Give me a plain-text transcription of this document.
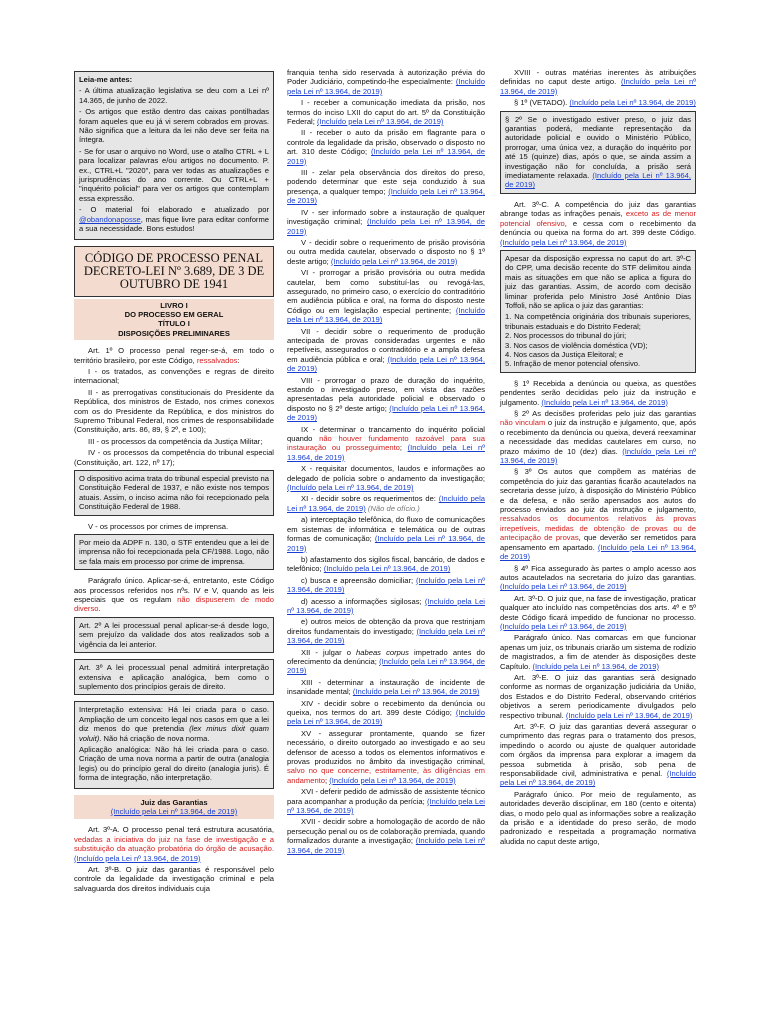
Leia-me antes:

- A última atualização legislativa se deu com a Lei nº 14.365, de junho de 2022.

- Os artigos que estão dentro das caixas pontilhadas foram aqueles que eu já vi serem cobrados em provas. Não significa que a leitura da lei não deve ser feita na íntegra.

- Se for usar o arquivo no Word, use o atalho CTRL + L para localizar palavras e/ou artigos no documento. P. ex., CTRL+L "2020", para ver todas as atualizações e jurisprudências do ano corrente. Ou CTRL+L + "inquérito policial" para ver os artigos que contemplam essa expressão.

- O material foi elaborado e atualizado por @obandonaposse, mas fique livre para editar conforme a sua necessidade. Bons estudos!

CÓDIGO DE PROCESSO PENAL DECRETO-LEI Nº 3.689, DE 3 DE OUTUBRO DE 1941
LIVRO I
DO PROCESSO EM GERAL
TÍTULO I
DISPOSIÇÕES PRELIMINARES

Art. 1º O processo penal reger-se-á, em todo o território brasileiro, por este Código, ressalvados:

I - os tratados, as convenções e regras de direito internacional;

II - as prerrogativas constitucionais do Presidente da República, dos ministros de Estado, nos crimes conexos com os do Presidente da República, e dos ministros do Supremo Tribunal Federal, nos crimes de responsabilidade (Constituição, arts. 86, 89, § 2º, e 100);

III - os processos da competência da Justiça Militar;

IV - os processos da competência do tribunal especial (Constituição, art. 122, nº 17);

O dispositivo acima trata do tribunal especial previsto na Constituição Federal de 1937, e não existe nos tempos atuais. Assim, o inciso acima não foi recepcionado pela Constituição Federal de 1988.

V - os processos por crimes de imprensa.

Por meio da ADPF n. 130, o STF entendeu que a lei de imprensa não foi recepcionada pela CF/1988. Logo, não se fala mais em processo por crime de imprensa.

Parágrafo único. Aplicar-se-á, entretanto, este Código aos processos referidos nos nºs. IV e V, quando as leis especiais que os regulam não dispuserem de modo diverso.

Art. 2º A lei processual penal aplicar-se-á desde logo, sem prejuízo da validade dos atos realizados sob a vigência da lei anterior.
Art. 3º A lei processual penal admitirá interpretação extensiva e aplicação analógica, bem como o suplemento dos princípios gerais de direito.

Interpretação extensiva: Há lei criada para o caso. Ampliação de um conceito legal nos casos em que a lei diz menos do que pretendia (lex minus dixit quam voluit). Não há criação de nova norma.

Aplicação analógica: Não há lei criada para o caso. Criação de uma nova norma a partir de outra (analogia legis) ou do princípio geral do direito (analogia juris). É forma de integração, não interpretação.

Juiz das Garantias
(Incluído pela Lei nº 13.964, de 2019)

Art. 3º-A. O processo penal terá estrutura acusatória, vedadas a iniciativa do juiz na fase de investigação e a substituição da atuação probatória do órgão de acusação. (Incluído pela Lei nº 13.964, de 2019)

Art. 3º-B. O juiz das garantias é responsável pelo controle da legalidade da investigação criminal e pela salvaguarda dos direitos individuais cuja

franquia tenha sido reservada à autorização prévia do Poder Judiciário, competindo-lhe especialmente: (Incluído pela Lei nº 13.964, de 2019)

I - receber a comunicação imediata da prisão, nos termos do inciso LXII do caput do art. 5º da Constituição Federal; (Incluído pela Lei nº 13.964, de 2019)

II - receber o auto da prisão em flagrante para o controle da legalidade da prisão, observado o disposto no art. 310 deste Código; (Incluído pela Lei nº 13.964, de 2019)

III - zelar pela observância dos direitos do preso, podendo determinar que este seja conduzido à sua presença, a qualquer tempo; (Incluído pela Lei nº 13.964, de 2019)

IV - ser informado sobre a instauração de qualquer investigação criminal; (Incluído pela Lei nº 13.964, de 2019)

V - decidir sobre o requerimento de prisão provisória ou outra medida cautelar, observado o disposto no § 1º deste artigo; (Incluído pela Lei nº 13.964, de 2019)

VI - prorrogar a prisão provisória ou outra medida cautelar, bem como substituí-las ou revogá-las, assegurado, no primeiro caso, o exercício do contraditório em audiência pública e oral, na forma do disposto neste Código ou em legislação especial pertinente; (Incluído pela Lei nº 13.964, de 2019)

VII - decidir sobre o requerimento de produção antecipada de provas consideradas urgentes e não repetíveis, assegurados o contraditório e a ampla defesa em audiência pública e oral; (Incluído pela Lei nº 13.964, de 2019)

VIII - prorrogar o prazo de duração do inquérito, estando o investigado preso, em vista das razões apresentadas pela autoridade policial e observado o disposto no § 2º deste artigo; (Incluído pela Lei nº 13.964, de 2019)

IX - determinar o trancamento do inquérito policial quando não houver fundamento razoável para sua instauração ou prosseguimento; (Incluído pela Lei nº 13.964, de 2019)

X - requisitar documentos, laudos e informações ao delegado de polícia sobre o andamento da investigação; (Incluído pela Lei nº 13.964, de 2019)

XI - decidir sobre os requerimentos de: (Incluído pela Lei nº 13.964, de 2019) (Não de ofício.)

a) interceptação telefônica, do fluxo de comunicações em sistemas de informática e telemática ou de outras formas de comunicação; (Incluído pela Lei nº 13.964, de 2019)

b) afastamento dos sigilos fiscal, bancário, de dados e telefônico; (Incluído pela Lei nº 13.964, de 2019)

c) busca e apreensão domiciliar; (Incluído pela Lei nº 13.964, de 2019)

d) acesso a informações sigilosas; (Incluído pela Lei nº 13.964, de 2019)

e) outros meios de obtenção da prova que restrinjam direitos fundamentais do investigado; (Incluído pela Lei nº 13.964, de 2019)

XII - julgar o habeas corpus impetrado antes do oferecimento da denúncia; (Incluído pela Lei nº 13.964, de 2019)

XIII - determinar a instauração de incidente de insanidade mental; (Incluído pela Lei nº 13.964, de 2019)

XIV - decidir sobre o recebimento da denúncia ou queixa, nos termos do art. 399 deste Código; (Incluído pela Lei nº 13.964, de 2019)

XV - assegurar prontamente, quando se fizer necessário, o direito outorgado ao investigado e ao seu defensor de acesso a todos os elementos informativos e provas produzidos no âmbito da investigação criminal, salvo no que concerne, estritamente, às diligências em andamento; (Incluído pela Lei nº 13.964, de 2019)

XVI - deferir pedido de admissão de assistente técnico para acompanhar a produção da perícia; (Incluído pela Lei nº 13.964, de 2019)

XVII - decidir sobre a homologação de acordo de não persecução penal ou os de colaboração premiada, quando formalizados durante a investigação; (Incluído pela Lei nº 13.964, de 2019)

XVIII - outras matérias inerentes às atribuições definidas no caput deste artigo. (Incluído pela Lei nº 13.964, de 2019)

§ 1º (VETADO). (Incluído pela Lei nº 13.964, de 2019)

§ 2º Se o investigado estiver preso, o juiz das garantias poderá, mediante representação da autoridade policial e ouvido o Ministério Público, prorrogar, uma única vez, a duração do inquérito por até 15 (quinze) dias, após o que, se ainda assim a investigação não for concluída, a prisão será imediatamente relaxada. (Incluído pela Lei nº 13.964, de 2019)

Art. 3º-C. A competência do juiz das garantias abrange todas as infrações penais, exceto as de menor potencial ofensivo, e cessa com o recebimento da denúncia ou queixa na forma do art. 399 deste Código. (Incluído pela Lei nº 13.964, de 2019)

Apesar da disposição expressa no caput do art. 3º-C do CPP, uma decisão recente do STF delimitou ainda mais as situações em que não se aplica a figura do juiz das garantias. Assim, de acordo com decisão liminar proferida pelo Ministro José Antônio Dias Toffoli, não se aplica o juiz das garantias:

1. Na competência originária dos tribunais superiores, tribunais estaduais e do Distrito Federal;
2. Nos processos do tribunal do júri;
3. Nos casos de violência doméstica (VD);
4. Nos casos da Justiça Eleitoral; e
5. Infração de menor potencial ofensivo.

§ 1º Recebida a denúncia ou queixa, as questões pendentes serão decididas pelo juiz da instrução e julgamento. (Incluído pela Lei nº 13.964, de 2019)

§ 2º As decisões proferidas pelo juiz das garantias não vinculam o juiz da instrução e julgamento, que, após o recebimento da denúncia ou queixa, deverá reexaminar a necessidade das medidas cautelares em curso, no prazo máximo de 10 (dez) dias. (Incluído pela Lei nº 13.964, de 2019)

§ 3º Os autos que compõem as matérias de competência do juiz das garantias ficarão acautelados na secretaria desse juízo, à disposição do Ministério Público e da defesa, e não serão apensados aos autos do processo enviados ao juiz da instrução e julgamento, ressalvados os documentos relativos às provas irrepetíveis, medidas de obtenção de provas ou de antecipação de provas, que deverão ser remetidos para apensamento em apartado. (Incluído pela Lei nº 13.964, de 2019)

§ 4º Fica assegurado às partes o amplo acesso aos autos acautelados na secretaria do juízo das garantias. (Incluído pela Lei nº 13.964, de 2019)

Art. 3º-D. O juiz que, na fase de investigação, praticar qualquer ato incluído nas competências dos arts. 4º e 5º deste Código ficará impedido de funcionar no processo. (Incluído pela Lei nº 13.964, de 2019)

Parágrafo único. Nas comarcas em que funcionar apenas um juiz, os tribunais criarão um sistema de rodízio de magistrados, a fim de atender às disposições deste Capítulo. (Incluído pela Lei nº 13.964, de 2019)

Art. 3º-E. O juiz das garantias será designado conforme as normas de organização judiciária da União, dos Estados e do Distrito Federal, observando critérios objetivos a serem periodicamente divulgados pelo respectivo tribunal. (Incluído pela Lei nº 13.964, de 2019)

Art. 3º-F. O juiz das garantias deverá assegurar o cumprimento das regras para o tratamento dos presos, impedindo o acordo ou ajuste de qualquer autoridade com órgãos da imprensa para explorar a imagem da pessoa submetida à prisão, sob pena de responsabilidade civil, administrativa e penal. (Incluído pela Lei nº 13.964, de 2019)

Parágrafo único. Por meio de regulamento, as autoridades deverão disciplinar, em 180 (cento e oitenta) dias, o modo pelo qual as informações sobre a realização da prisão e a identidade do preso serão, de modo padronizado e respeitada a programação normativa aludida no caput deste artigo,
